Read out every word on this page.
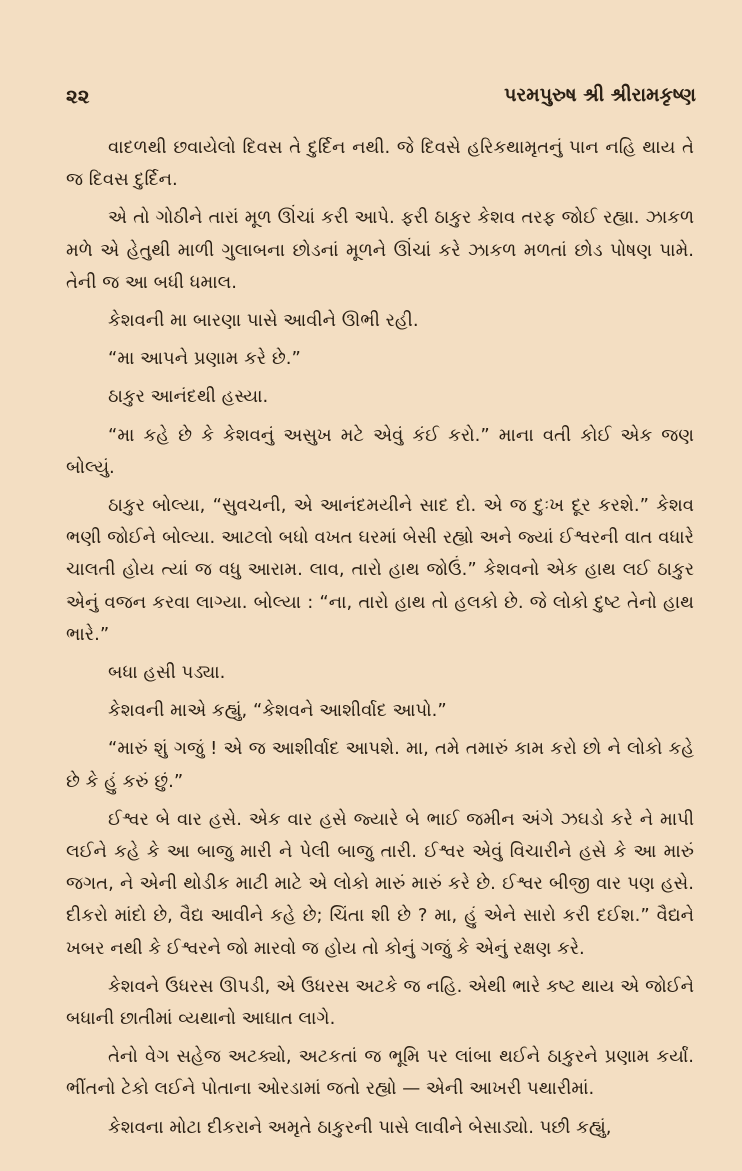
૨૨	પરમપુરુષ શ્રી શ્રીરામકૃષ્ણ

વાદળથી છવાયેલો દિવસ તે દુર્દિન નથી. જે દિવસે હરિકથામૃતનું પાન નહિ થાય તે જ દિવસ દુર્દિન.

એ તો ગોઠીને તારાં મૂળ ઊંચાં કરી આપે. ફરી ઠાકુર કેશવ તરફ જોઈ રહ્યા. ઝાકળ મળે એ હેતુથી માળી ગુલાબના છોડનાં મૂળને ઊંચાં કરે ઝાકળ મળતાં છોડ પોષણ પામે. તેની જ આ બધી ધમાલ.

કેશવની મા બારણા પાસે આવીને ઊભી રહી.

“મા આપને પ્રણામ કરે છે.”

ઠાકુર આનંદથી હસ્યા.

“મા કહે છે કે કેશવનું અસુખ મટે એવું કંઈ કરો.” માના વતી કોઈ એક જણ બોલ્યું.

ઠાકુર બોલ્યા, “સુવચની, એ આનંદમયીને સાદ દો. એ જ દુઃખ દૂર કરશે.” કેશવ ભણી જોઈને બોલ્યા. આટલો બધો વખત ઘરમાં બેસી રહ્યો અને જ્યાં ઈશ્વરની વાત વધારે ચાલતી હોય ત્યાં જ વધુ આરામ. લાવ, તારો હાથ જોઉં.” કેશવનો એક હાથ લઈ ઠાકુર એનું વજન કરવા લાગ્યા. બોલ્યા : “ના, તારો હાથ તો હલકો છે. જે લોકો દુષ્ટ તેનો હાથ ભારે.”

બધા હસી પડ્યા.

કેશવની માએ કહ્યું, “કેશવને આશીર્વાદ આપો.”

“મારું શું ગજું ! એ જ આશીર્વાદ આપશે. મા, તમે તમારું કામ કરો છો ને લોકો કહે છે કે હું કરું છું.”

ઈશ્વર બે વાર હસે. એક વાર હસે જ્યારે બે ભાઈ જમીન અંગે ઝઘડો કરે ને માપી લઈને કહે કે આ બાજુ મારી ને પેલી બાજુ તારી. ઈશ્વર એવું વિચારીને હસે કે આ મારું જગત, ને એની થોડીક માટી માટે એ લોકો મારું મારું કરે છે. ઈશ્વર બીજી વાર પણ હસે. દીકરો માંદો છે, વૈદ્ય આવીને કહે છે; ચિંતા શી છે ? મા, હું એને સારો કરી દઈશ.” વૈદ્યને ખબર નથી કે ઈશ્વરને જો મારવો જ હોય તો કોનું ગજું કે એનું રક્ષણ કરે.

કેશવને ઉધરસ ઊપડી, એ ઉધરસ અટકે જ નહિ. એથી ભારે કષ્ટ થાય એ જોઈને બધાની છાતીમાં વ્યથાનો આઘાત લાગે.

તેનો વેગ સહેજ અટક્યો, અટકતાં જ ભૂમિ પર લાંબા થઈને ઠાકુરને પ્રણામ કર્યાં. ભીંતનો ટેકો લઈને પોતાના ઓરડામાં જતો રહ્યો — એની આખરી પથારીમાં.

કેશવના મોટા દીકરાને અમૃતે ઠાકુરની પાસે લાવીને બેસાડ્યો. પછી કહ્યું,
